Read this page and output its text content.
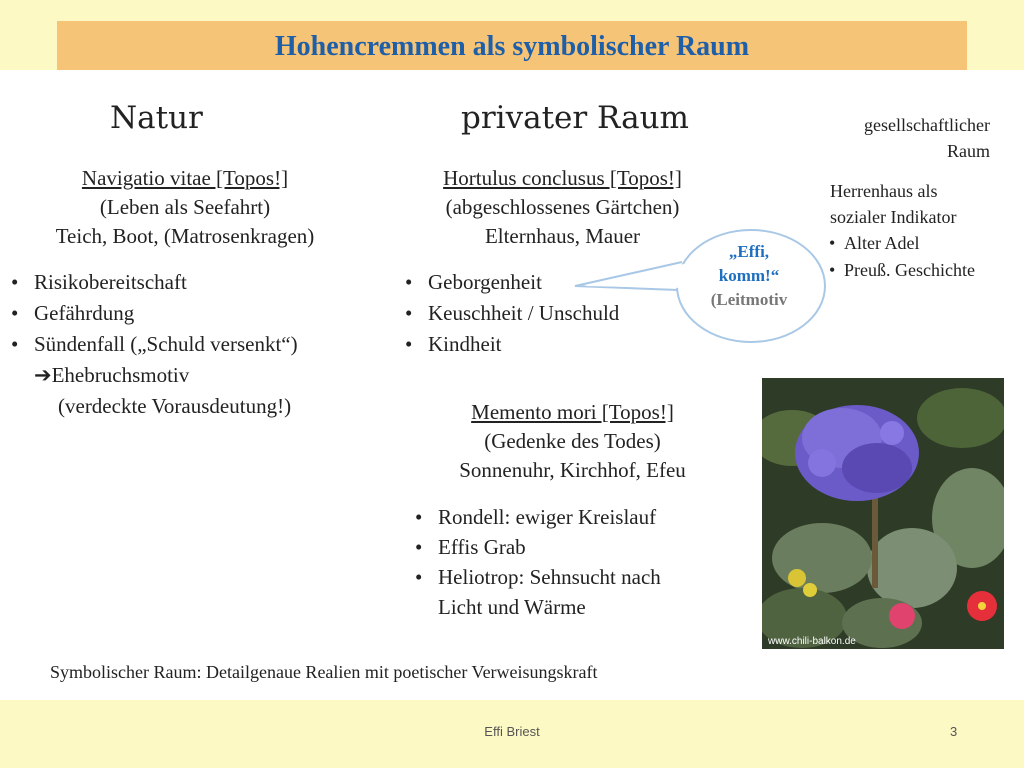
Hohencremmen als symbolischer Raum
Natur
Navigatio vitae [Topos!]
(Leben als Seefahrt)
Teich, Boot, (Matrosenkragen)
• Risikobereitschaft
• Gefährdung
• Sündenfall („Schuld versenkt“)
➔Ehebruchsmotiv
(verdeckte Vorausdeutung!)
privater Raum
Hortulus conclusus [Topos!]
(abgeschlossenes Gärtchen)
Elternhaus, Mauer
• Geborgenheit
• Keuschheit / Unschuld
• Kindheit
„Effi,
komm!“
(Leitmotiv
gesellschaftlicher
Raum
Herrenhaus als
sozialer Indikator
• Alter Adel
• Preuß. Geschichte
Memento mori [Topos!]
(Gedenke des Todes)
Sonnenuhr, Kirchhof, Efeu
• Rondell: ewiger Kreislauf
• Effis Grab
• Heliotrop: Sehnsucht nach
Licht und Wärme
www.chili-balkon.de
Symbolischer Raum: Detailgenaue Realien mit poetischer Verweisungskraft
Effi Briest	3
